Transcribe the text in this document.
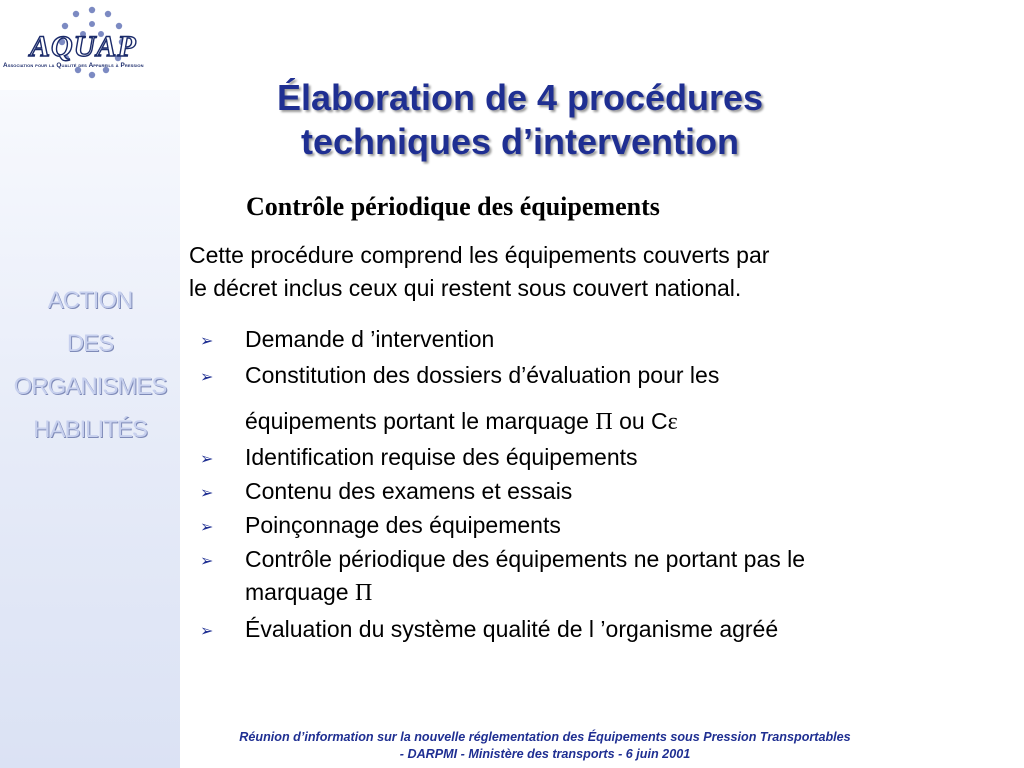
AQUAP
Association pour la Qualité des Appareils à Pression
ACTION
DES
ORGANISMES
HABILITÉS
Élaboration de 4 procédures
techniques d’intervention
Contrôle périodique des équipements
Cette procédure comprend les équipements couverts par
le décret inclus ceux qui restent sous couvert national.
➢	Demande d ’intervention
➢	Constitution des dossiers d’évaluation pour les
équipements portant le marquage Π ou Cε
➢	Identification requise des équipements
➢	Contenu des examens et essais
➢	Poinçonnage des équipements
➢	Contrôle périodique des équipements ne portant pas le
marquage Π
➢	Évaluation du système qualité de l ’organisme agréé
Réunion d’information sur la nouvelle réglementation des Équipements sous Pression Transportables
- DARPMI - Ministère des transports - 6 juin 2001
